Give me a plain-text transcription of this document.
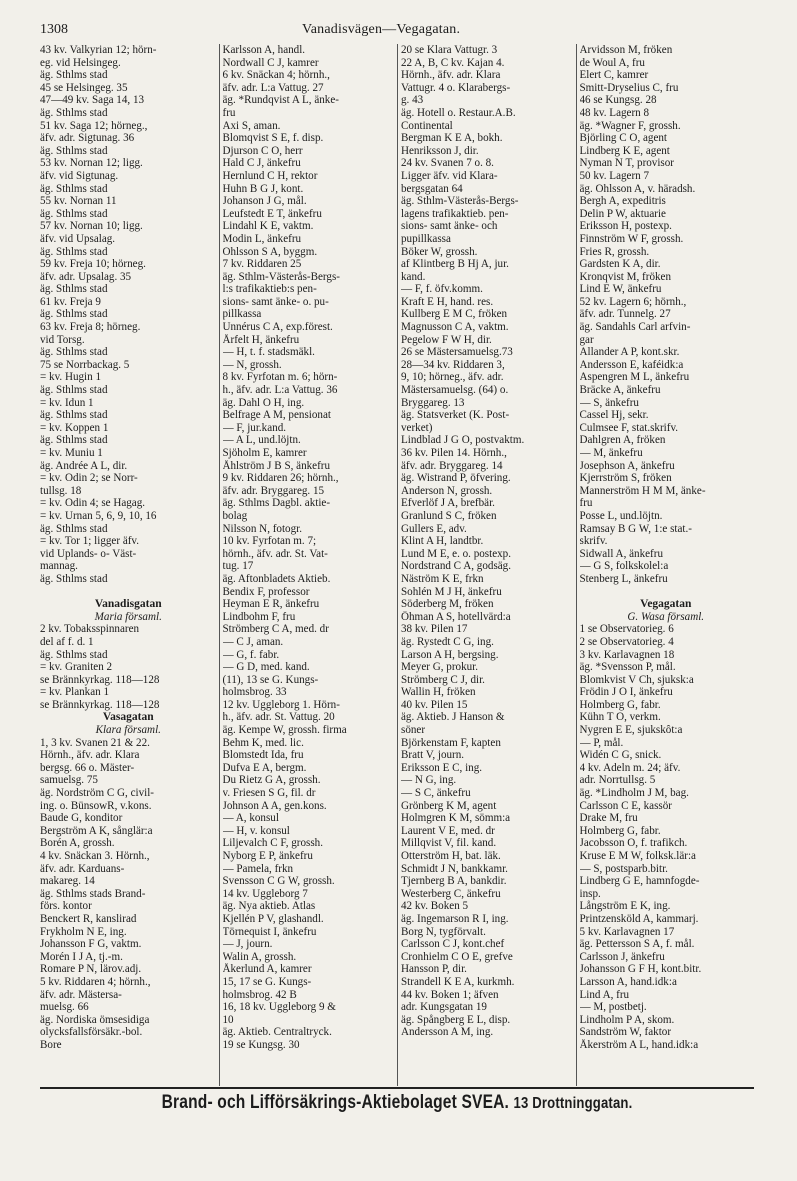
1308	Vanadisvägen—Vegagatan.
43 kv. Valkyrian 12; hörn-
eg. vid Helsingeg.
äg. Sthlms stad
45 se Helsingeg. 35
47—49 kv. Saga 14, 13
äg. Sthlms stad
51 kv. Saga 12; hörneg.,
äfv. adr. Sigtunag. 36
äg. Sthlms stad
53 kv. Nornan 12; ligg.
äfv. vid Sigtunag.
äg. Sthlms stad
55 kv. Nornan 11
äg. Sthlms stad
57 kv. Nornan 10; ligg.
äfv. vid Upsalag.
äg. Sthlms stad
59 kv. Freja 10; hörneg.
äfv. adr. Upsalag. 35
äg. Sthlms stad
61 kv. Freja 9
äg. Sthlms stad
63 kv. Freja 8; hörneg.
vid Torsg.
äg. Sthlms stad
75 se Norrbackag. 5
= kv. Hugin 1
äg. Sthlms stad
= kv. Idun 1
äg. Sthlms stad
= kv. Koppen 1
äg. Sthlms stad
= kv. Muniu 1
äg. Andrée A L, dir.
= kv. Odin 2; se Norr-
tullsg. 18
= kv. Odin 4; se Hagag.
= kv. Urnan 5, 6, 9, 10, 16
äg. Sthlms stad
= kv. Tor 1; ligger äfv.
vid Uplands- o- Väst-
mannag.
äg. Sthlms stad
Vanadisgatan
Maria församl.
2 kv. Tobaksspinnaren
del af f. d. 1
äg. Sthlms stad
= kv. Graniten 2
se Brännkyrkag. 118—128
= kv. Plankan 1
se Brännkyrkag. 118—128
Vasagatan
Klara församl.
1, 3 kv. Svanen 21 & 22.
Hörnh., äfv. adr. Klara
bergsg. 66 o. Mäster-
samuelsg. 75
äg. Nordström C G, civil-
ing. o. BünsowR, v.kons.
Baude G, konditor
Bergström A K, sånglär:a
Borén A, grossh.
4 kv. Snäckan 3. Hörnh.,
äfv. adr. Karduans-
makareg. 14
äg. Sthlms stads Brand-
förs. kontor
Benckert R, kanslirad
Frykholm N E, ing.
Johansson F G, vaktm.
Morén I J A, tj.-m.
Romare P N, lärov.adj.
5 kv. Riddaren 4; hörnh.,
äfv. adr. Mästersa-
muelsg. 66
äg. Nordiska ömsesidiga
olycksfallsförsäkr.-bol.
Bore
Karlsson A, handl.
Nordwall C J, kamrer
6 kv. Snäckan 4; hörnh.,
äfv. adr. L:a Vattug. 27
äg. *Rundqvist A L, änke-
fru
Axi S, aman.
Blomqvist S E, f. disp.
Djurson C O, herr
Hald C J, änkefru
Hernlund C H, rektor
Huhn B G J, kont.
Johanson J G, mål.
Leufstedt E T, änkefru
Lindahl K E, vaktm.
Modin L, änkefru
Ohlsson S A, byggm.
7 kv. Riddaren 25
äg. Sthlm-Västerås-Bergs-
l:s trafikaktieb:s pen-
sions- samt änke- o. pu-
pillkassa
Unnérus C A, exp.förest.
Årfelt H, änkefru
— H, t. f. stadsmäkl.
— N, grossh.
8 kv. Fyrfotan m. 6; hörn-
h., äfv. adr. L:a Vattug. 36
äg. Dahl O H, ing.
Belfrage A M, pensionat
— F, jur.kand.
— A L, und.löjtn.
Sjöholm E, kamrer
Åhlström J B S, änkefru
9 kv. Riddaren 26; hörnh.,
äfv. adr. Bryggareg. 15
äg. Sthlms Dagbl. aktie-
bolag
Nilsson N, fotogr.
10 kv. Fyrfotan m. 7;
hörnh., äfv. adr. St. Vat-
tug. 17
äg. Aftonbladets Aktieb.
Bendix F, professor
Heyman E R, änkefru
Lindbohm F, fru
Strömberg C A, med. dr
— C J, aman.
— G, f. fabr.
— G D, med. kand.
(11), 13 se G. Kungs-
holmsbrog. 33
12 kv. Uggleborg 1. Hörn-
h., äfv. adr. St. Vattug. 20
äg. Kempe W, grossh. firma
Behm K, med. lic.
Blomstedt Ida, fru
Dufva E A, bergm.
Du Rietz G A, grossh.
v. Friesen S G, fil. dr
Johnson A A, gen.kons.
— A, konsul
— H, v. konsul
Liljevalch C F, grossh.
Nyborg E P, änkefru
— Pamela, frkn
Svensson C G W, grossh.
14 kv. Uggleborg 7
äg. Nya aktieb. Atlas
Kjellén P V, glashandl.
Törnequist I, änkefru
— J, journ.
Walin A, grossh.
Åkerlund A, kamrer
15, 17 se G. Kungs-
holmsbrog. 42 B
16, 18 kv. Uggleborg 9 &
10
äg. Aktieb. Centraltryck.
19 se Kungsg. 30
20 se Klara Vattugr. 3
22 A, B, C kv. Kajan 4.
Hörnh., äfv. adr. Klara
Vattugr. 4 o. Klarabergs-
g. 43
äg. Hotell o. Restaur.A.B.
Continental
Bergman K E A, bokh.
Henriksson J, dir.
24 kv. Svanen 7 o. 8.
Ligger äfv. vid Klara-
bergsgatan 64
äg. Sthlm-Västerås-Bergs-
lagens trafikaktieb. pen-
sions- samt änke- och
pupillkassa
Böker W, grossh.
af Klintberg B Hj A, jur.
kand.
— F, f. öfv.komm.
Kraft E H, hand. res.
Kullberg E M C, fröken
Magnusson C A, vaktm.
Pegelow F W H, dir.
26 se Mästersamuelsg.73
28—34 kv. Riddaren 3,
9, 10; hörneg., äfv. adr.
Mästersamuelsg. (64) o.
Bryggareg. 13
äg. Statsverket (K. Post-
verket)
Lindblad J G O, postvaktm.
36 kv. Pilen 14. Hörnh.,
äfv. adr. Bryggareg. 14
äg. Wistrand P, öfvering.
Anderson N, grossh.
Efverlöf J A, brefbär.
Granlund S C, fröken
Gullers E, adv.
Klint A H, landtbr.
Lund M E, e. o. postexp.
Nordstrand C A, godsäg.
Näström K E, frkn
Sohlén M J H, änkefru
Söderberg M, fröken
Öhman A S, hotellvärd:a
38 kv. Pilen 17
äg. Rystedt C G, ing.
Larson A H, bergsing.
Meyer G, prokur.
Strömberg C J, dir.
Wallin H, fröken
40 kv. Pilen 15
äg. Aktieb. J Hanson &
söner
Björkenstam F, kapten
Bratt V, journ.
Eriksson E C, ing.
— N G, ing.
— S C, änkefru
Grönberg K M, agent
Holmgren K M, sömm:a
Laurent V E, med. dr
Millqvist V, fil. kand.
Otterström H, bat. läk.
Schmidt J N, bankkamr.
Tjernberg B A, bankdir.
Westerberg C, änkefru
42 kv. Boken 5
äg. Ingemarson R I, ing.
Borg N, tygförvalt.
Carlsson C J, kont.chef
Cronhielm C O E, grefve
Hansson P, dir.
Strandell K E A, kurkmh.
44 kv. Boken 1; äfven
adr. Kungsgatan 19
äg. Spångberg E L, disp.
Andersson A M, ing.
Arvidsson M, fröken
de Woul A, fru
Elert C, kamrer
Smitt-Dryselius C, fru
46 se Kungsg. 28
48 kv. Lagern 8
äg. *Wagner F, grossh.
Björling C O, agent
Lindberg K E, agent
Nyman N T, provisor
50 kv. Lagern 7
äg. Ohlsson A, v. häradsh.
Bergh A, expeditris
Delin P W, aktuarie
Eriksson H, postexp.
Finnström W F, grossh.
Fries R, grossh.
Gardsten K A, dir.
Kronqvist M, fröken
Lind E W, änkefru
52 kv. Lagern 6; hörnh.,
äfv. adr. Tunnelg. 27
äg. Sandahls Carl arfvin-
gar
Allander A P, kont.skr.
Andersson E, kaféidk:a
Aspengren M L, änkefru
Bräcke A, änkefru
— S, änkefru
Cassel Hj, sekr.
Culmsee F, stat.skrifv.
Dahlgren A, fröken
— M, änkefru
Josephson A, änkefru
Kjerrström S, fröken
Mannerström H M M, änke-
fru
Posse L, und.löjtn.
Ramsay B G W, 1:e stat.-
skrifv.
Sidwall A, änkefru
— G S, folkskolel:a
Stenberg L, änkefru
Vegagatan
G. Wasa församl.
1 se Observatorieg. 6
2 se Observatorieg. 4
3 kv. Karlavagnen 18
äg. *Svensson P, mål.
Blomkvist V Ch, sjuksk:a
Frödin J O I, änkefru
Holmberg G, fabr.
Kühn T O, verkm.
Nygren E E, sjukskôt:a
— P, mål.
Widén C G, snick.
4 kv. Adeln m. 24; äfv.
adr. Norrtullsg. 5
äg. *Lindholm J M, bag.
Carlsson C E, kassör
Drake M, fru
Holmberg G, fabr.
Jacobsson O, f. trafikch.
Kruse E M W, folksk.lär:a
— S, postsparb.bitr.
Lindberg G E, hamnfogde-
insp.
Långström E K, ing.
Printzensköld A, kammarj.
5 kv. Karlavagnen 17
äg. Pettersson S A, f. mål.
Carlsson J, änkefru
Johansson G F H, kont.bitr.
Larsson A, hand.idk:a
Lind A, fru
— M, postbetj.
Lindholm P A, skom.
Sandström W, faktor
Åkerström A L, hand.idk:a
Brand- och Lifförsäkrings-Aktiebolaget SVEA. 13 Drottninggatan.
